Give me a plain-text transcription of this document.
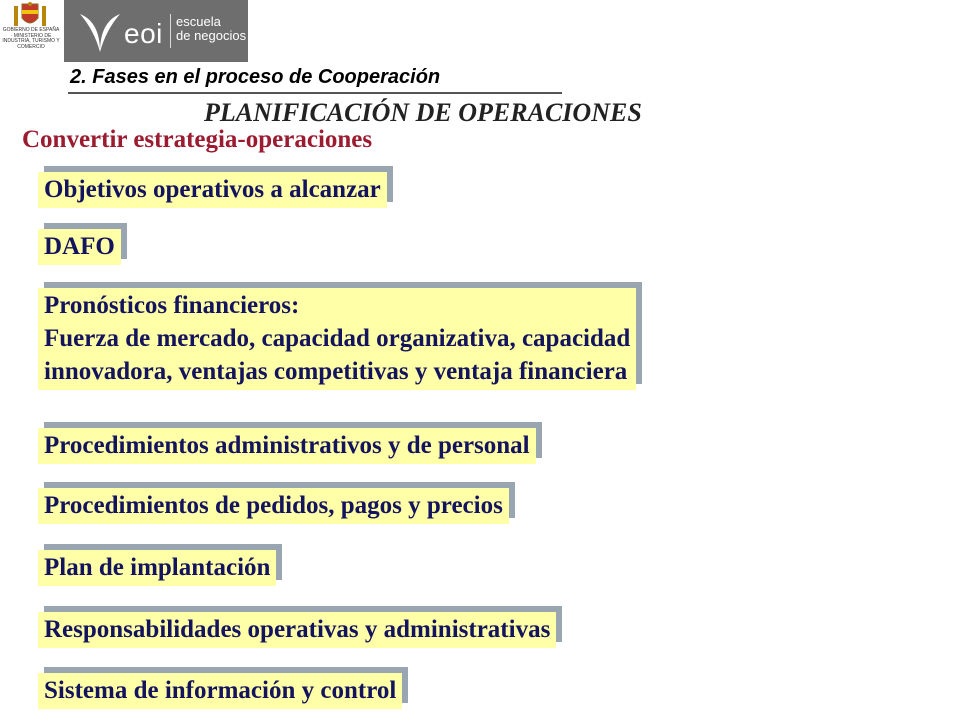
GOBIERNO DE ESPAÑA · MINISTERIO DE INDUSTRIA, TURISMO Y COMERCIO	eoi escuela
de negocios
2. Fases en el proceso de Cooperación
PLANIFICACIÓN DE OPERACIONES
Convertir estrategia-operaciones
Objetivos operativos a alcanzar
DAFO
Pronósticos financieros:
Fuerza de mercado, capacidad organizativa, capacidad
innovadora, ventajas competitivas y ventaja financiera
Procedimientos administrativos y de personal
Procedimientos de pedidos, pagos y precios
Plan de implantación
Responsabilidades operativas y administrativas
Sistema de información y control
